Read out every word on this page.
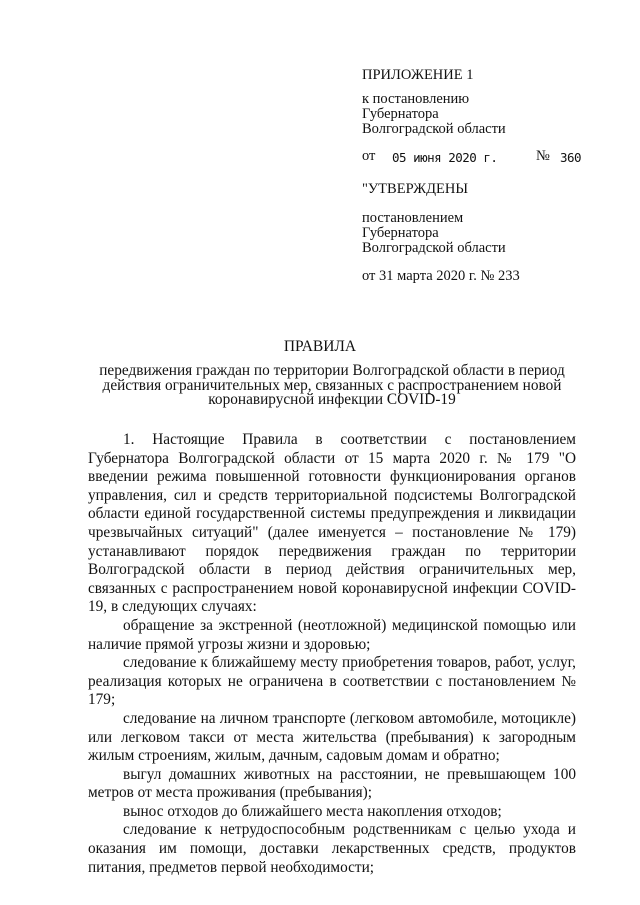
ПРИЛОЖЕНИЕ 1
к постановлению
Губернатора
Волгоградской области
от 05 июня 2020 г.	№ 360
"УТВЕРЖДЕНЫ
постановлением
Губернатора
Волгоградской области
от 31 марта 2020 г. № 233
ПРАВИЛА
передвижения граждан по территории Волгоградской области в период
действия ограничительных мер, связанных с распространением новой
коронавирусной инфекции COVID-19

1. Настоящие Правила в соответствии с постановлением Губернатора Волгоградской области от 15 марта 2020 г. № 179 "О введении режима повышенной готовности функционирования органов управления, сил и средств территориальной подсистемы Волгоградской области единой государственной системы предупреждения и ликвидации чрезвычайных ситуаций" (далее именуется – постановление № 179) устанавливают порядок передвижения граждан по территории Волгоградской области в период действия ограничительных мер, связанных с распространением новой коронавирусной инфекции COVID-19, в следующих случаях:

обращение за экстренной (неотложной) медицинской помощью или наличие прямой угрозы жизни и здоровью;

следование к ближайшему месту приобретения товаров, работ, услуг, реализация которых не ограничена в соответствии с постановлением № 179;

следование на личном транспорте (легковом автомобиле, мотоцикле) или легковом такси от места жительства (пребывания) к загородным жилым строениям, жилым, дачным, садовым домам и обратно;

выгул домашних животных на расстоянии, не превышающем 100 метров от места проживания (пребывания);

вынос отходов до ближайшего места накопления отходов;

следование к нетрудоспособным родственникам с целью ухода и оказания им помощи, доставки лекарственных средств, продуктов питания, предметов первой необходимости;
